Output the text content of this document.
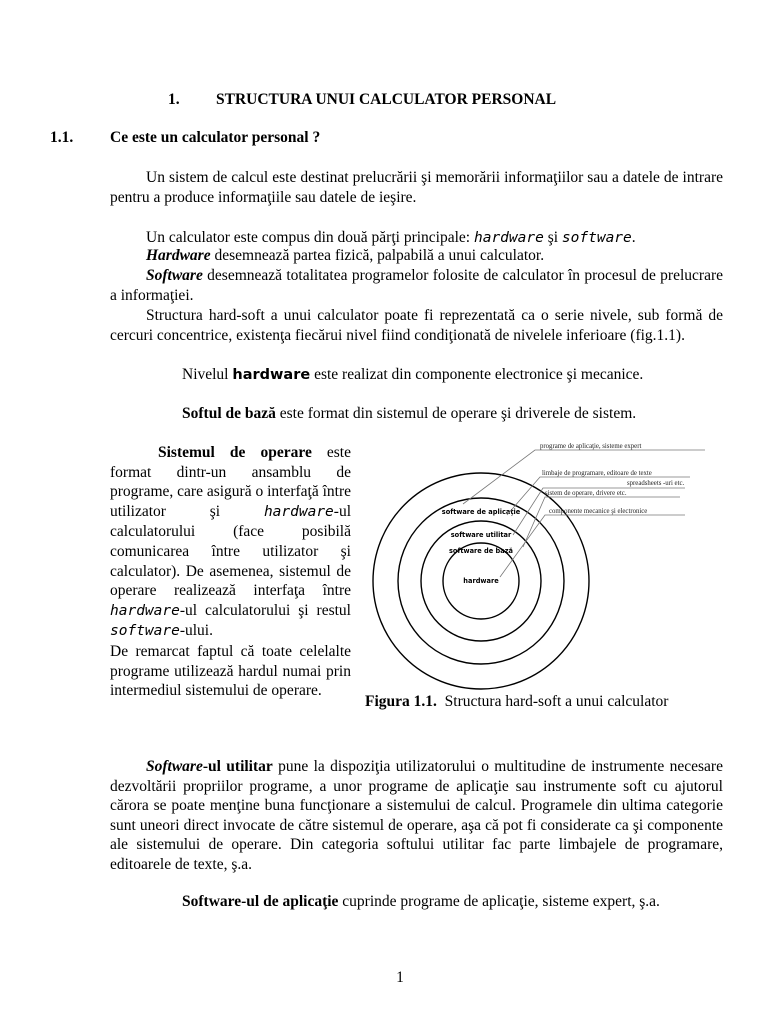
1. STRUCTURA UNUI CALCULATOR PERSONAL
1.1. Ce este un calculator personal ?

Un sistem de calcul este destinat prelucrării şi memorării informaţiilor sau a datele de intrare pentru a produce informaţiile sau datele de ieşire.

Un calculator este compus din două părţi principale: hardware şi software.

Hardware desemnează partea fizică, palpabilă a unui calculator.

Software desemnează totalitatea programelor folosite de calculator în procesul de prelucrare a informaţiei.

Structura hard-soft a unui calculator poate fi reprezentată ca o serie nivele, sub formă de cercuri concentrice, existenţa fiecărui nivel fiind condiţionată de nivelele inferioare (fig.1.1).

Nivelul hardware este realizat din componente electronice şi mecanice.

Softul de bază este format din sistemul de operare şi driverele de sistem.

Sistemul de operare este format dintr-un ansamblu de programe, care asigură o interfaţă între utilizator şi hardware-ul calculatorului (face posibilă comunicarea între utilizator şi calculator). De asemenea, sistemul de operare realizează interfaţa între hardware-ul calculatorului şi restul software-ului.
De remarcat faptul că toate celelalte programe utilizează hardul numai prin intermediul sistemului de operare.

software de aplicaţie
software utilitar
software de bază
hardware
programe de aplicaţie, sisteme expert
limbaje de programare, editoare de texte
spreadsheets -uri etc.
sistem de operare, drivere etc.
componente mecanice şi electronice
Figura 1.1. Structura hard-soft a unui calculator

Software-ul utilitar pune la dispoziţia utilizatorului o multitudine de instrumente necesare dezvoltării propriilor programe, a unor programe de aplicaţie sau instrumente soft cu ajutorul cărora se poate menţine buna funcţionare a sistemului de calcul. Programele din ultima categorie sunt uneori direct invocate de către sistemul de operare, aşa că pot fi considerate ca şi componente ale sistemului de operare. Din categoria softului utilitar fac parte limbajele de programare, editoarele de texte, ş.a.

Software-ul de aplicaţie cuprinde programe de aplicaţie, sisteme expert, ş.a.

1
